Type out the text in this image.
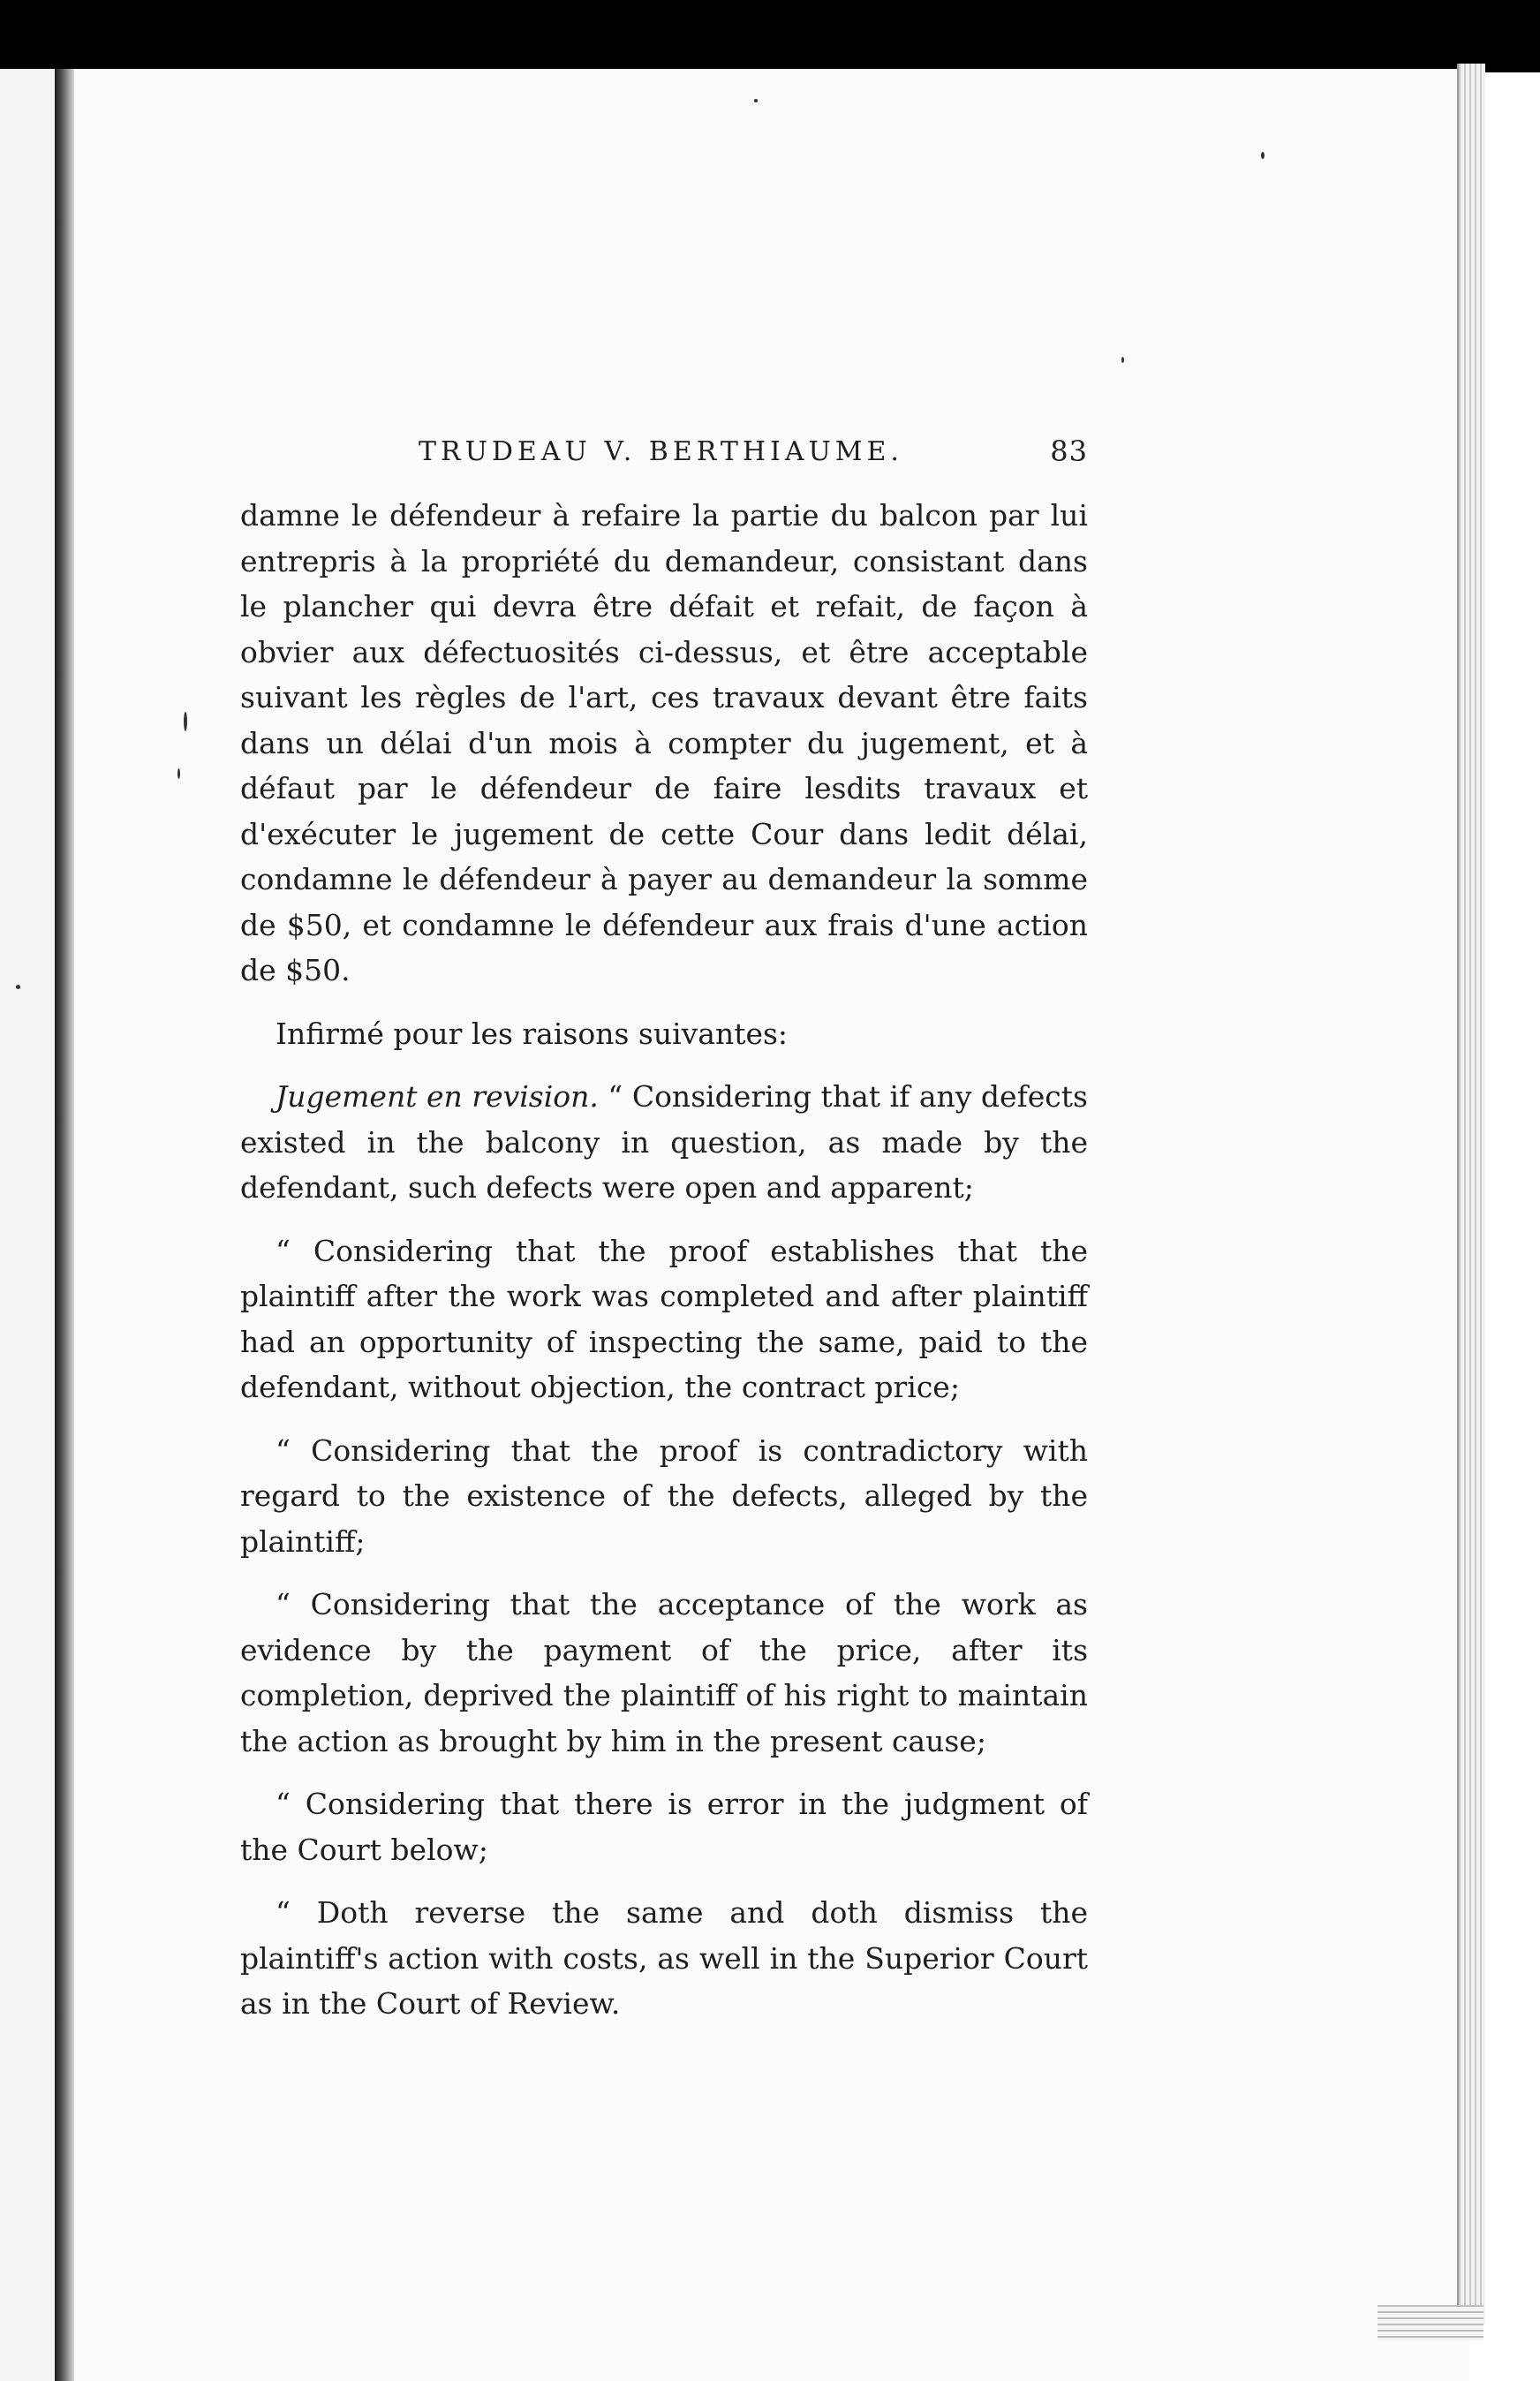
TRUDEAU V. BERTHIAUME.	83

damne le défendeur à refaire la partie du balcon par lui entrepris à la propriété du demandeur, consistant dans le plancher qui devra être défait et refait, de façon à obvier aux défectuosités ci-dessus, et être acceptable suivant les règles de l'art, ces travaux devant être faits dans un délai d'un mois à compter du jugement, et à défaut par le défendeur de faire lesdits travaux et d'exécuter le jugement de cette Cour dans ledit délai, condamne le défendeur à payer au demandeur la somme de $50, et condamne le défendeur aux frais d'une action de $50.

Infirmé pour les raisons suivantes:

Jugement en revision. “ Considering that if any defects existed in the balcony in question, as made by the defendant, such defects were open and apparent;

“ Considering that the proof establishes that the plaintiff after the work was completed and after plaintiff had an opportunity of inspecting the same, paid to the defendant, without objection, the contract price;

“ Considering that the proof is contradictory with regard to the existence of the defects, alleged by the plaintiff;

“ Considering that the acceptance of the work as evidence by the payment of the price, after its completion, deprived the plaintiff of his right to maintain the action as brought by him in the present cause;

“ Considering that there is error in the judgment of the Court below;

“ Doth reverse the same and doth dismiss the plaintiff's action with costs, as well in the Superior Court as in the Court of Review.
